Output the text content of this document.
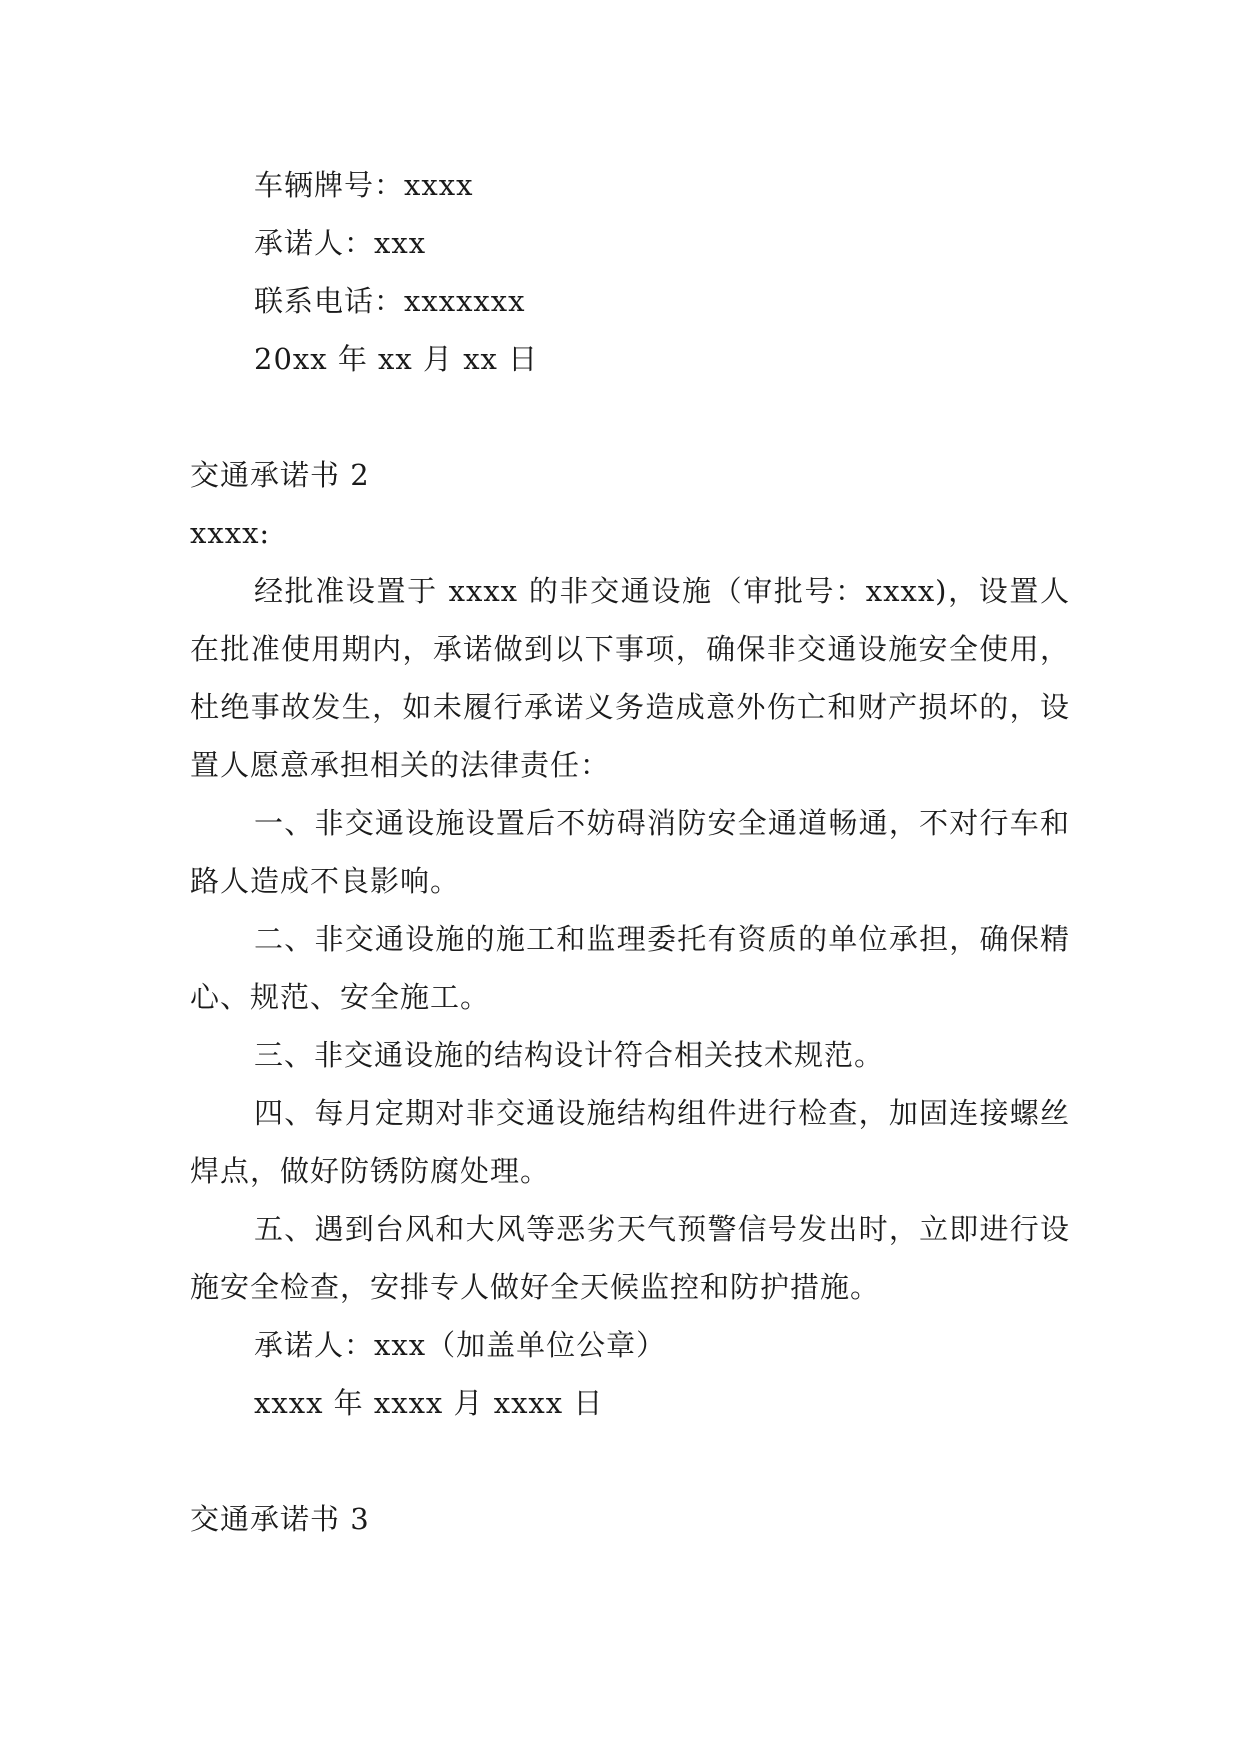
车辆牌号：xxxx
承诺人：xxx
联系电话：xxxxxxx
20xx 年 xx 月 xx 日
交通承诺书 2
xxxx:
经批准设置于 xxxx 的非交通设施（审批号：xxxx)，设置人在批准使用期内，承诺做到以下事项，确保非交通设施安全使用，杜绝事故发生，如未履行承诺义务造成意外伤亡和财产损坏的，设置人愿意承担相关的法律责任：
一、非交通设施设置后不妨碍消防安全通道畅通，不对行车和路人造成不良影响。
二、非交通设施的施工和监理委托有资质的单位承担，确保精心、规范、安全施工。
三、非交通设施的结构设计符合相关技术规范。
四、每月定期对非交通设施结构组件进行检查，加固连接螺丝焊点，做好防锈防腐处理。
五、遇到台风和大风等恶劣天气预警信号发出时，立即进行设施安全检查，安排专人做好全天候监控和防护措施。
承诺人：xxx（加盖单位公章）
xxxx 年 xxxx 月 xxxx 日
交通承诺书 3
